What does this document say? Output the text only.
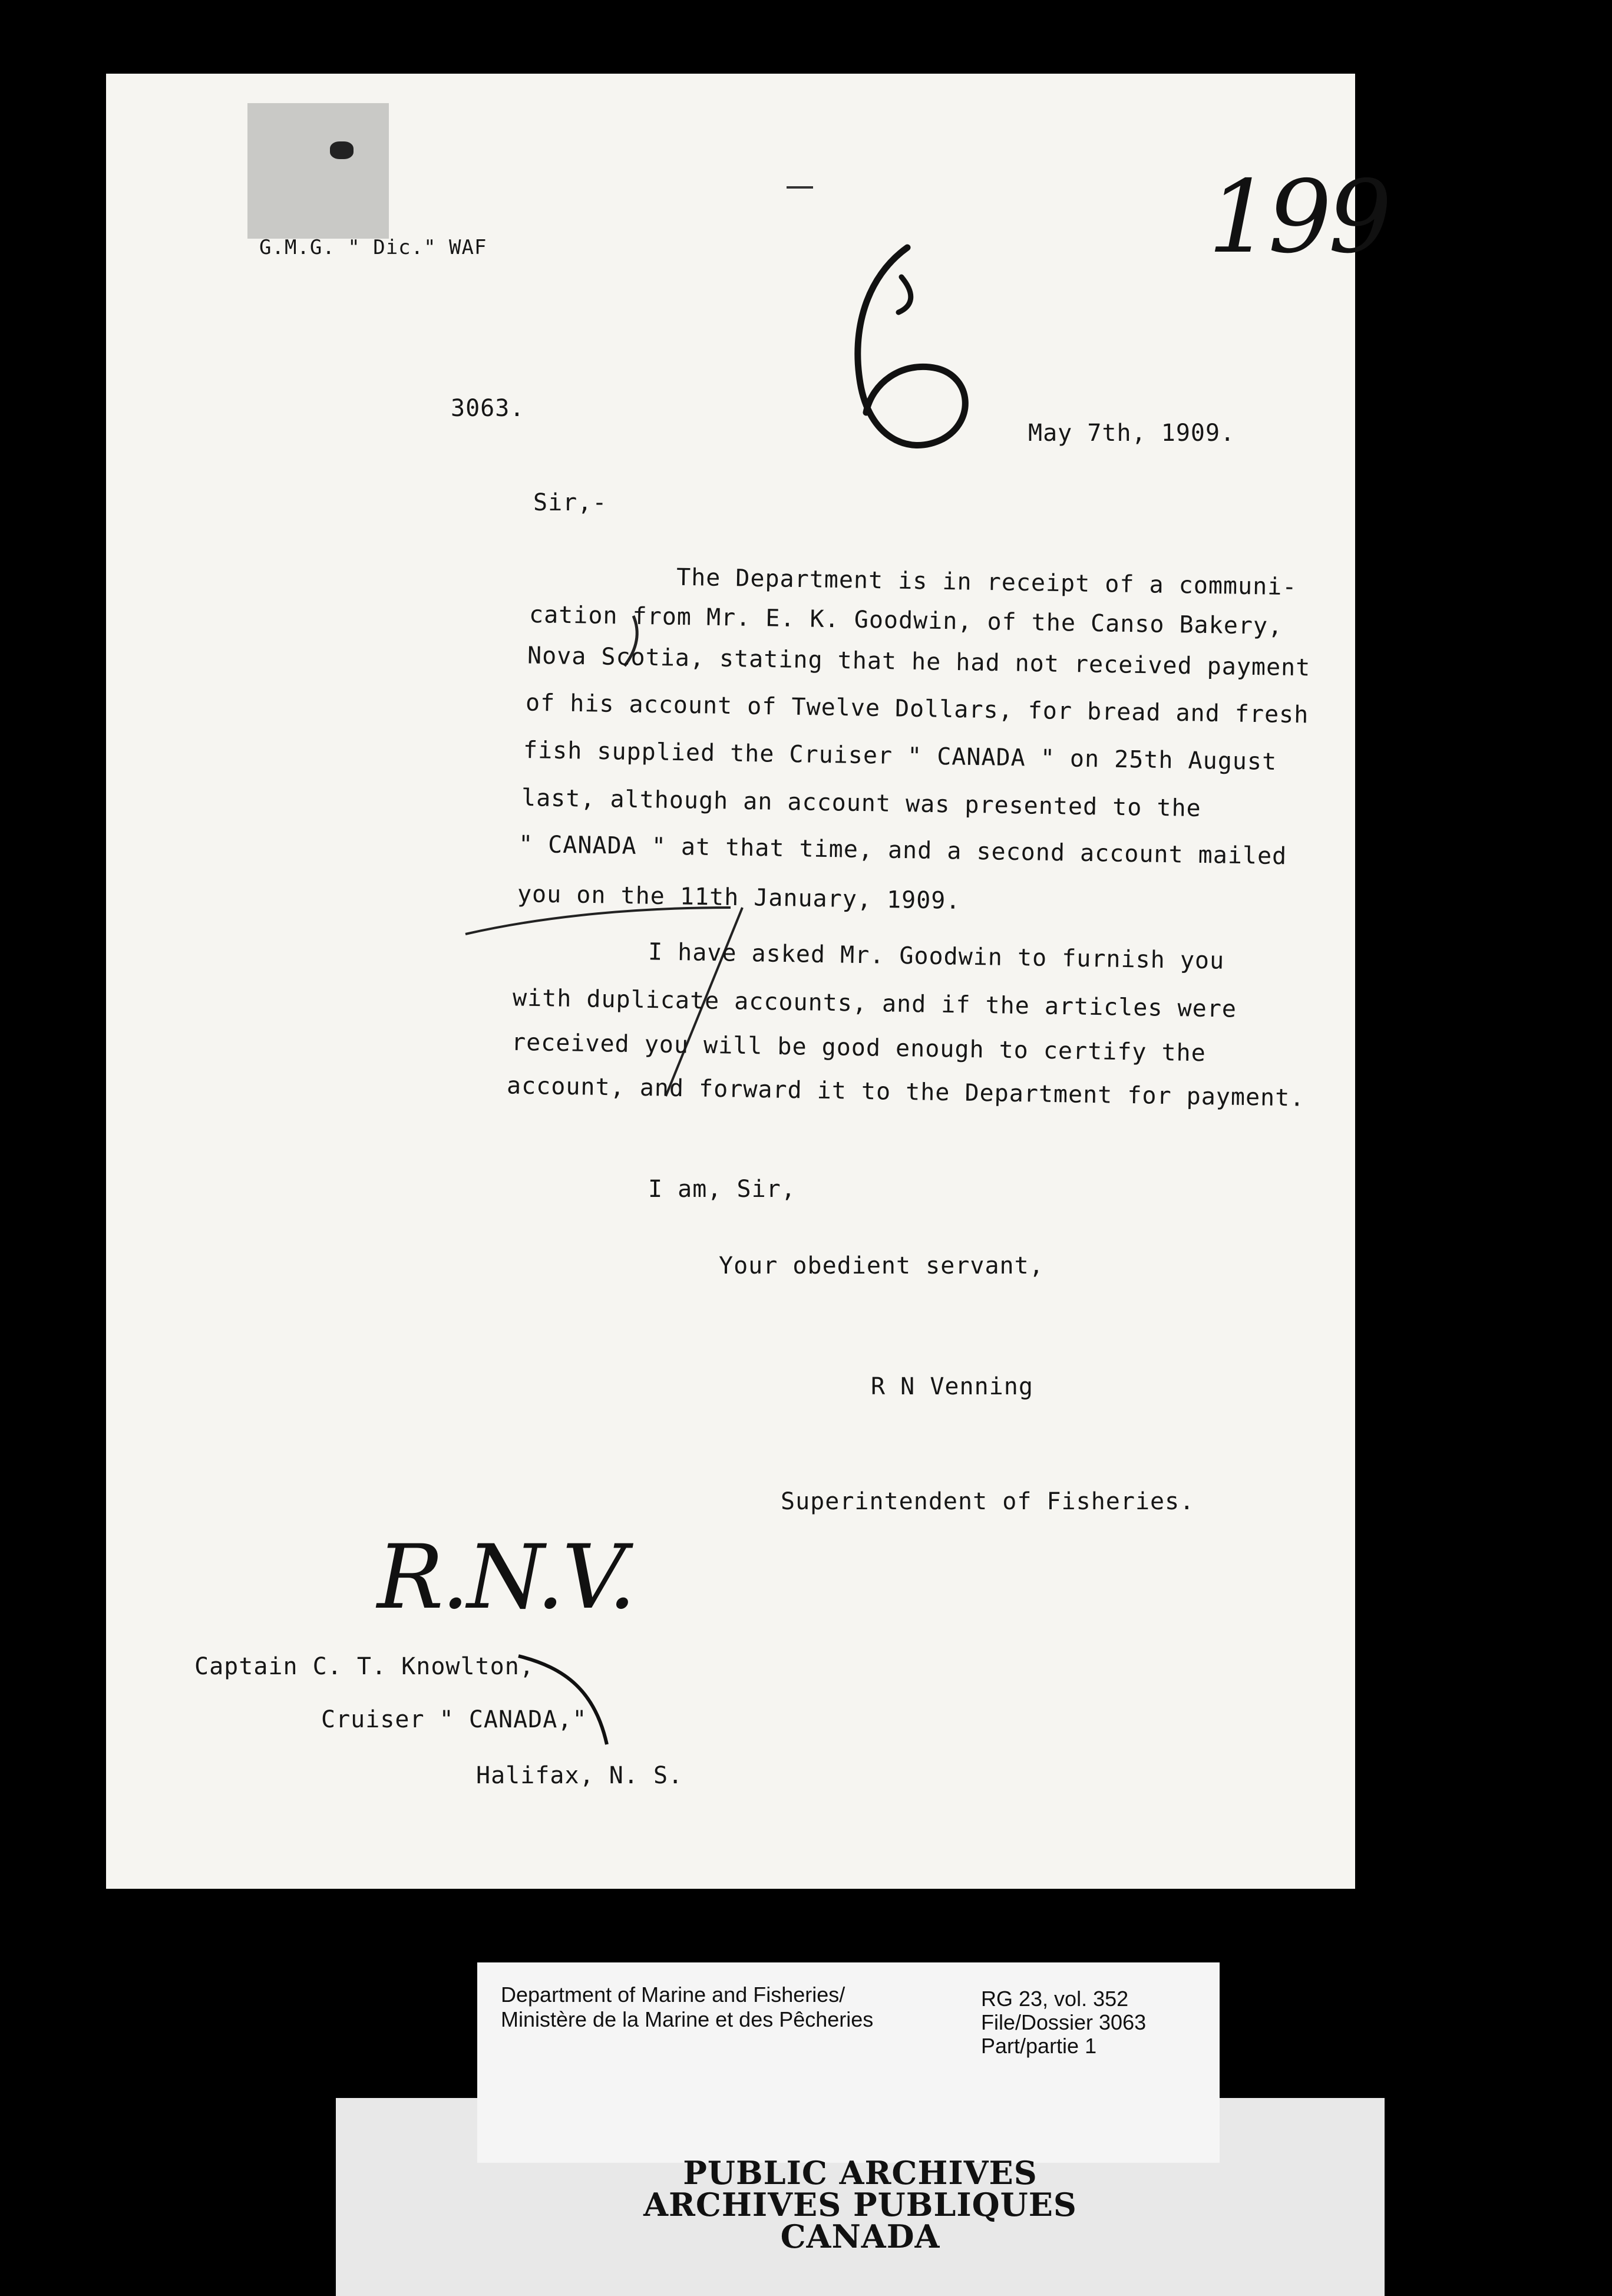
G.M.G. " Dic." WAF
3063.
May 7th, 1909.
Sir,-
The Department is in receipt of a communi-
cation from Mr. E. K. Goodwin, of the Canso Bakery,
Nova Scotia, stating that he had not received payment
of his account of Twelve Dollars, for bread and fresh
fish supplied the Cruiser " CANADA " on 25th August
last, although an account was presented to the
" CANADA " at that time, and a second account mailed
you on the 11th January, 1909.
I have asked Mr. Goodwin to furnish you
with duplicate accounts, and if the articles were
received you will be good enough to certify the
account, and forward it to the Department for payment.
I am, Sir,
Your obedient servant,
R N Venning
Superintendent of Fisheries.
Captain C. T. Knowlton,
Cruiser " CANADA,"
Halifax, N. S.
199
R.N.V.
Department of Marine and Fisheries/
Ministère de la Marine et des Pêcheries
RG 23, vol. 352
File/Dossier 3063
Part/partie 1
PUBLIC ARCHIVES
ARCHIVES PUBLIQUES
CANADA
